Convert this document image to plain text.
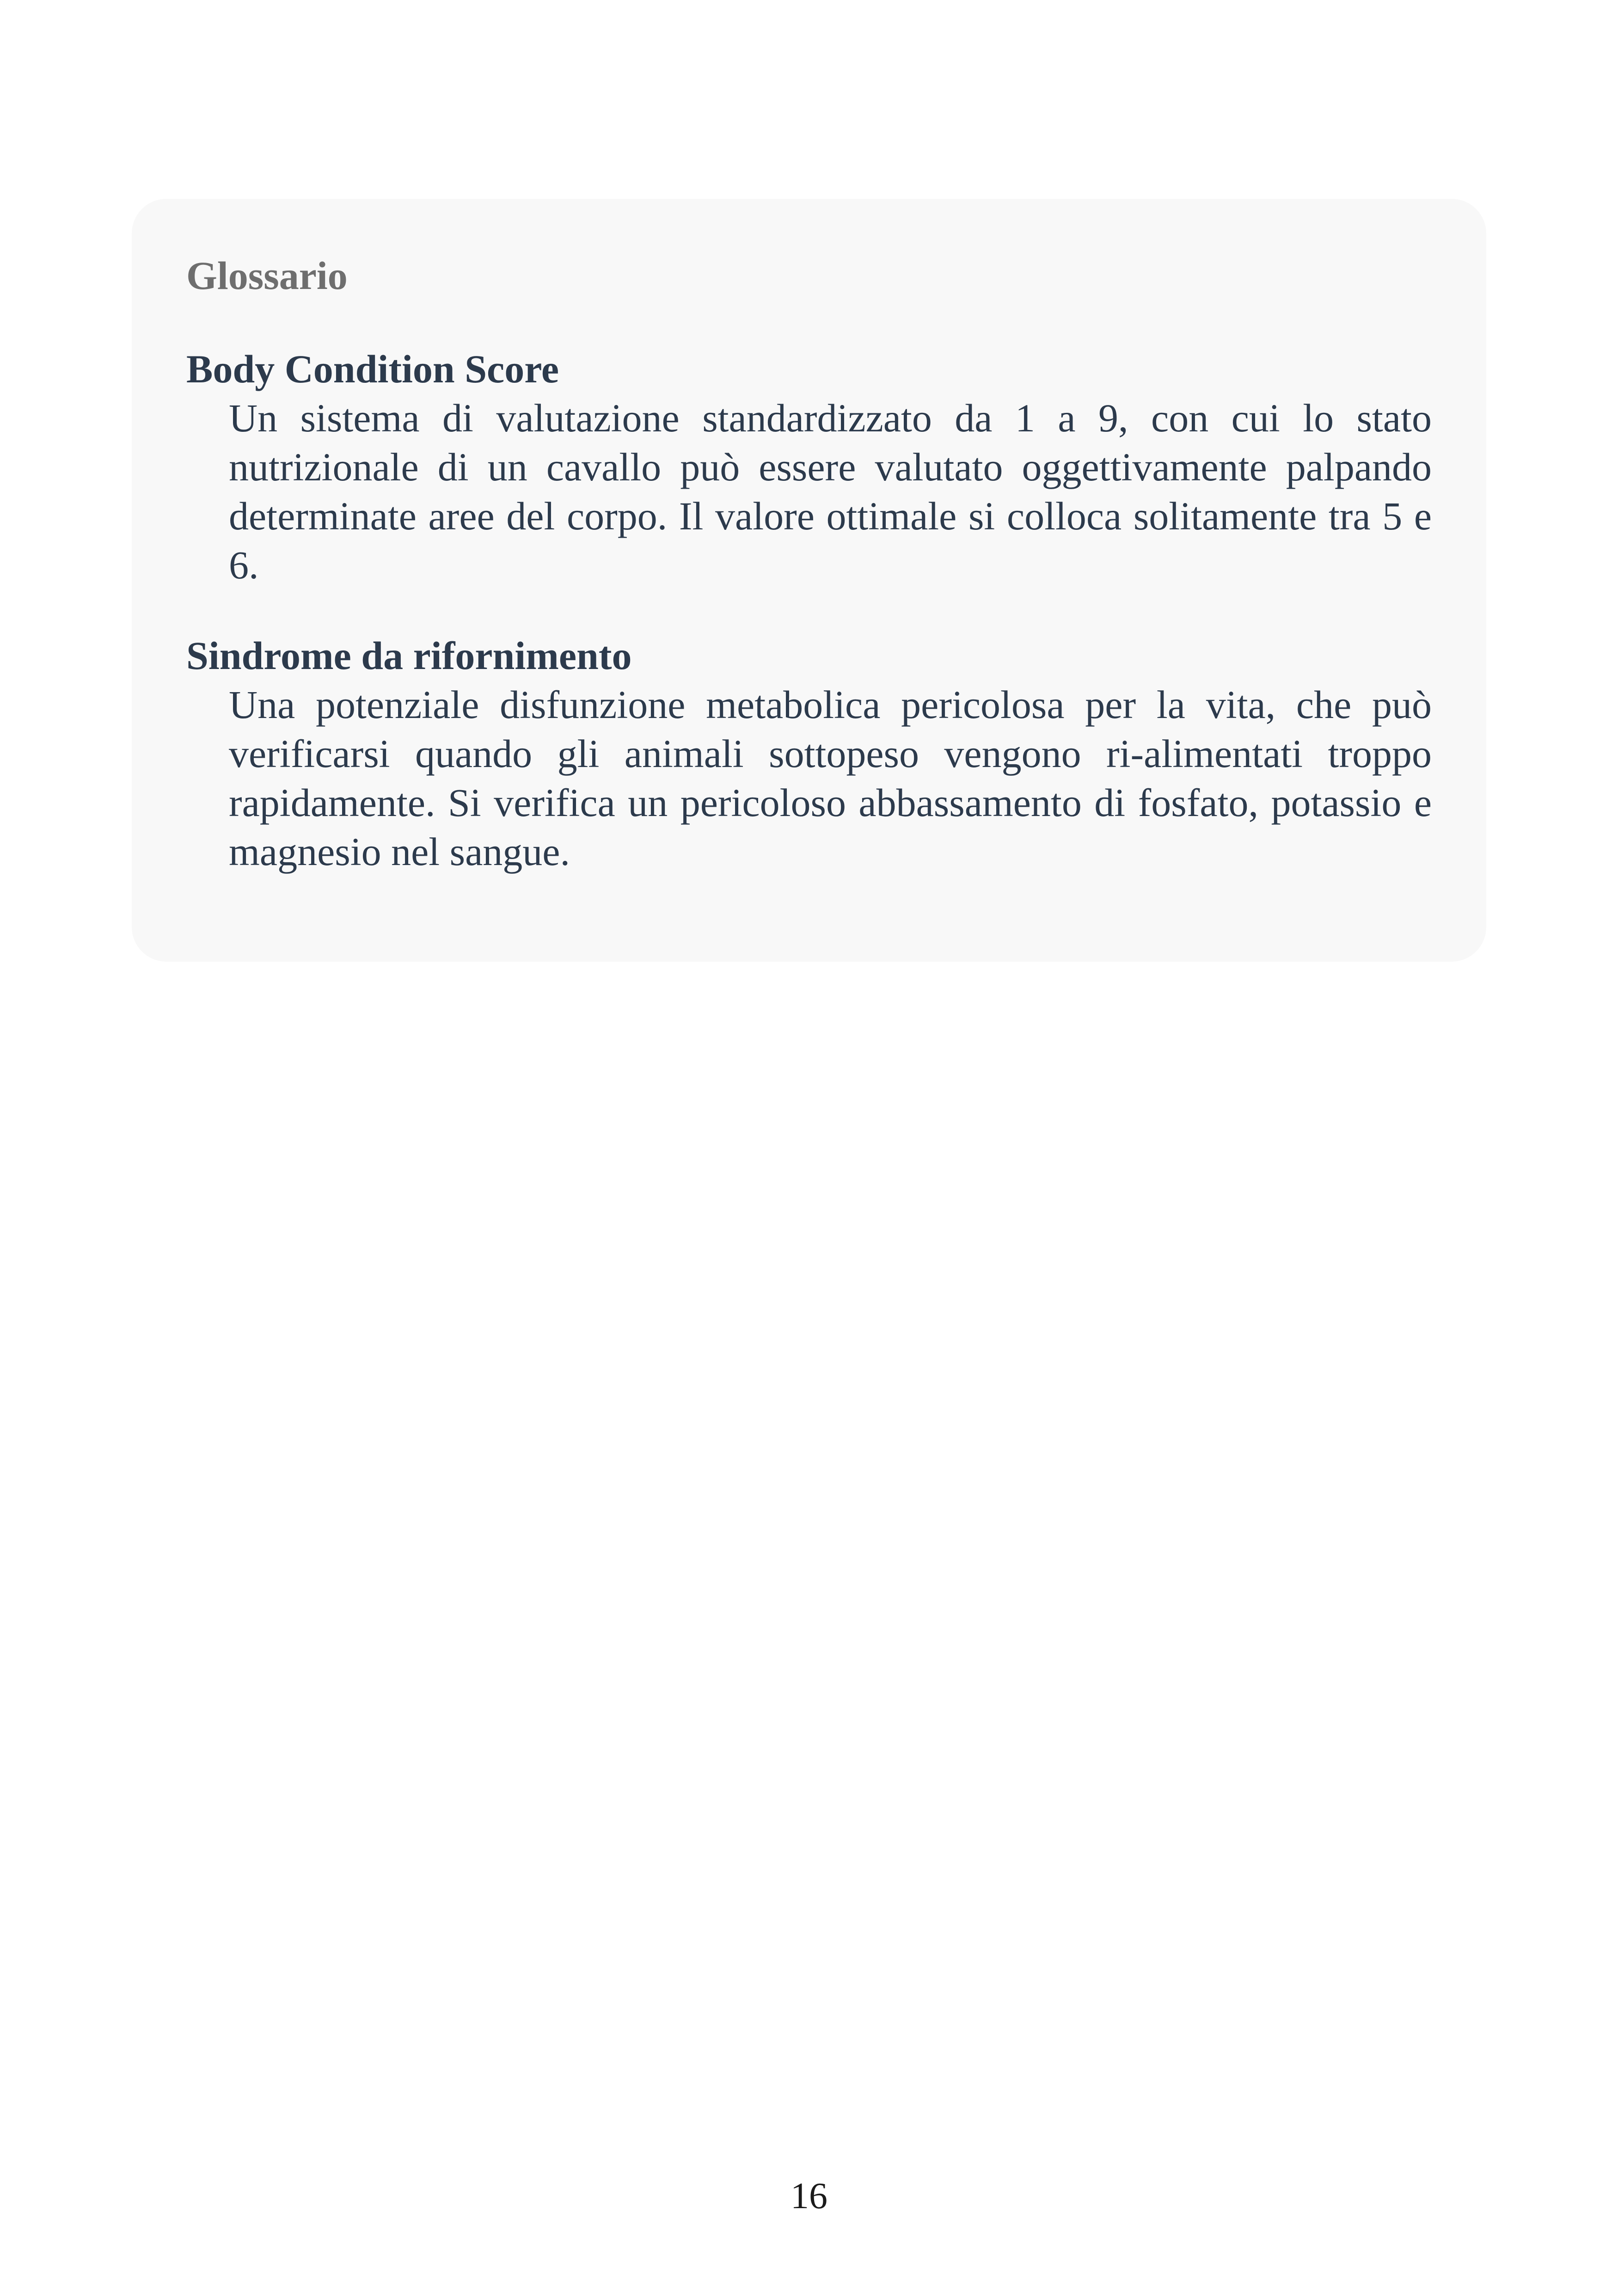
Glossario
Body Condition Score
Un sistema di valutazione standardizzato da 1 a 9, con cui lo stato nutrizionale di un cavallo può essere valutato oggettivamente palpando determinate aree del corpo. Il valore ottimale si colloca solitamente tra 5 e 6.
Sindrome da rifornimento
Una potenziale disfunzione metabolica pericolosa per la vita, che può verificarsi quando gli animali sottopeso vengono ri-alimentati troppo rapidamente. Si verifica un pericoloso abbassamento di fosfato, potassio e magnesio nel sangue.
16
